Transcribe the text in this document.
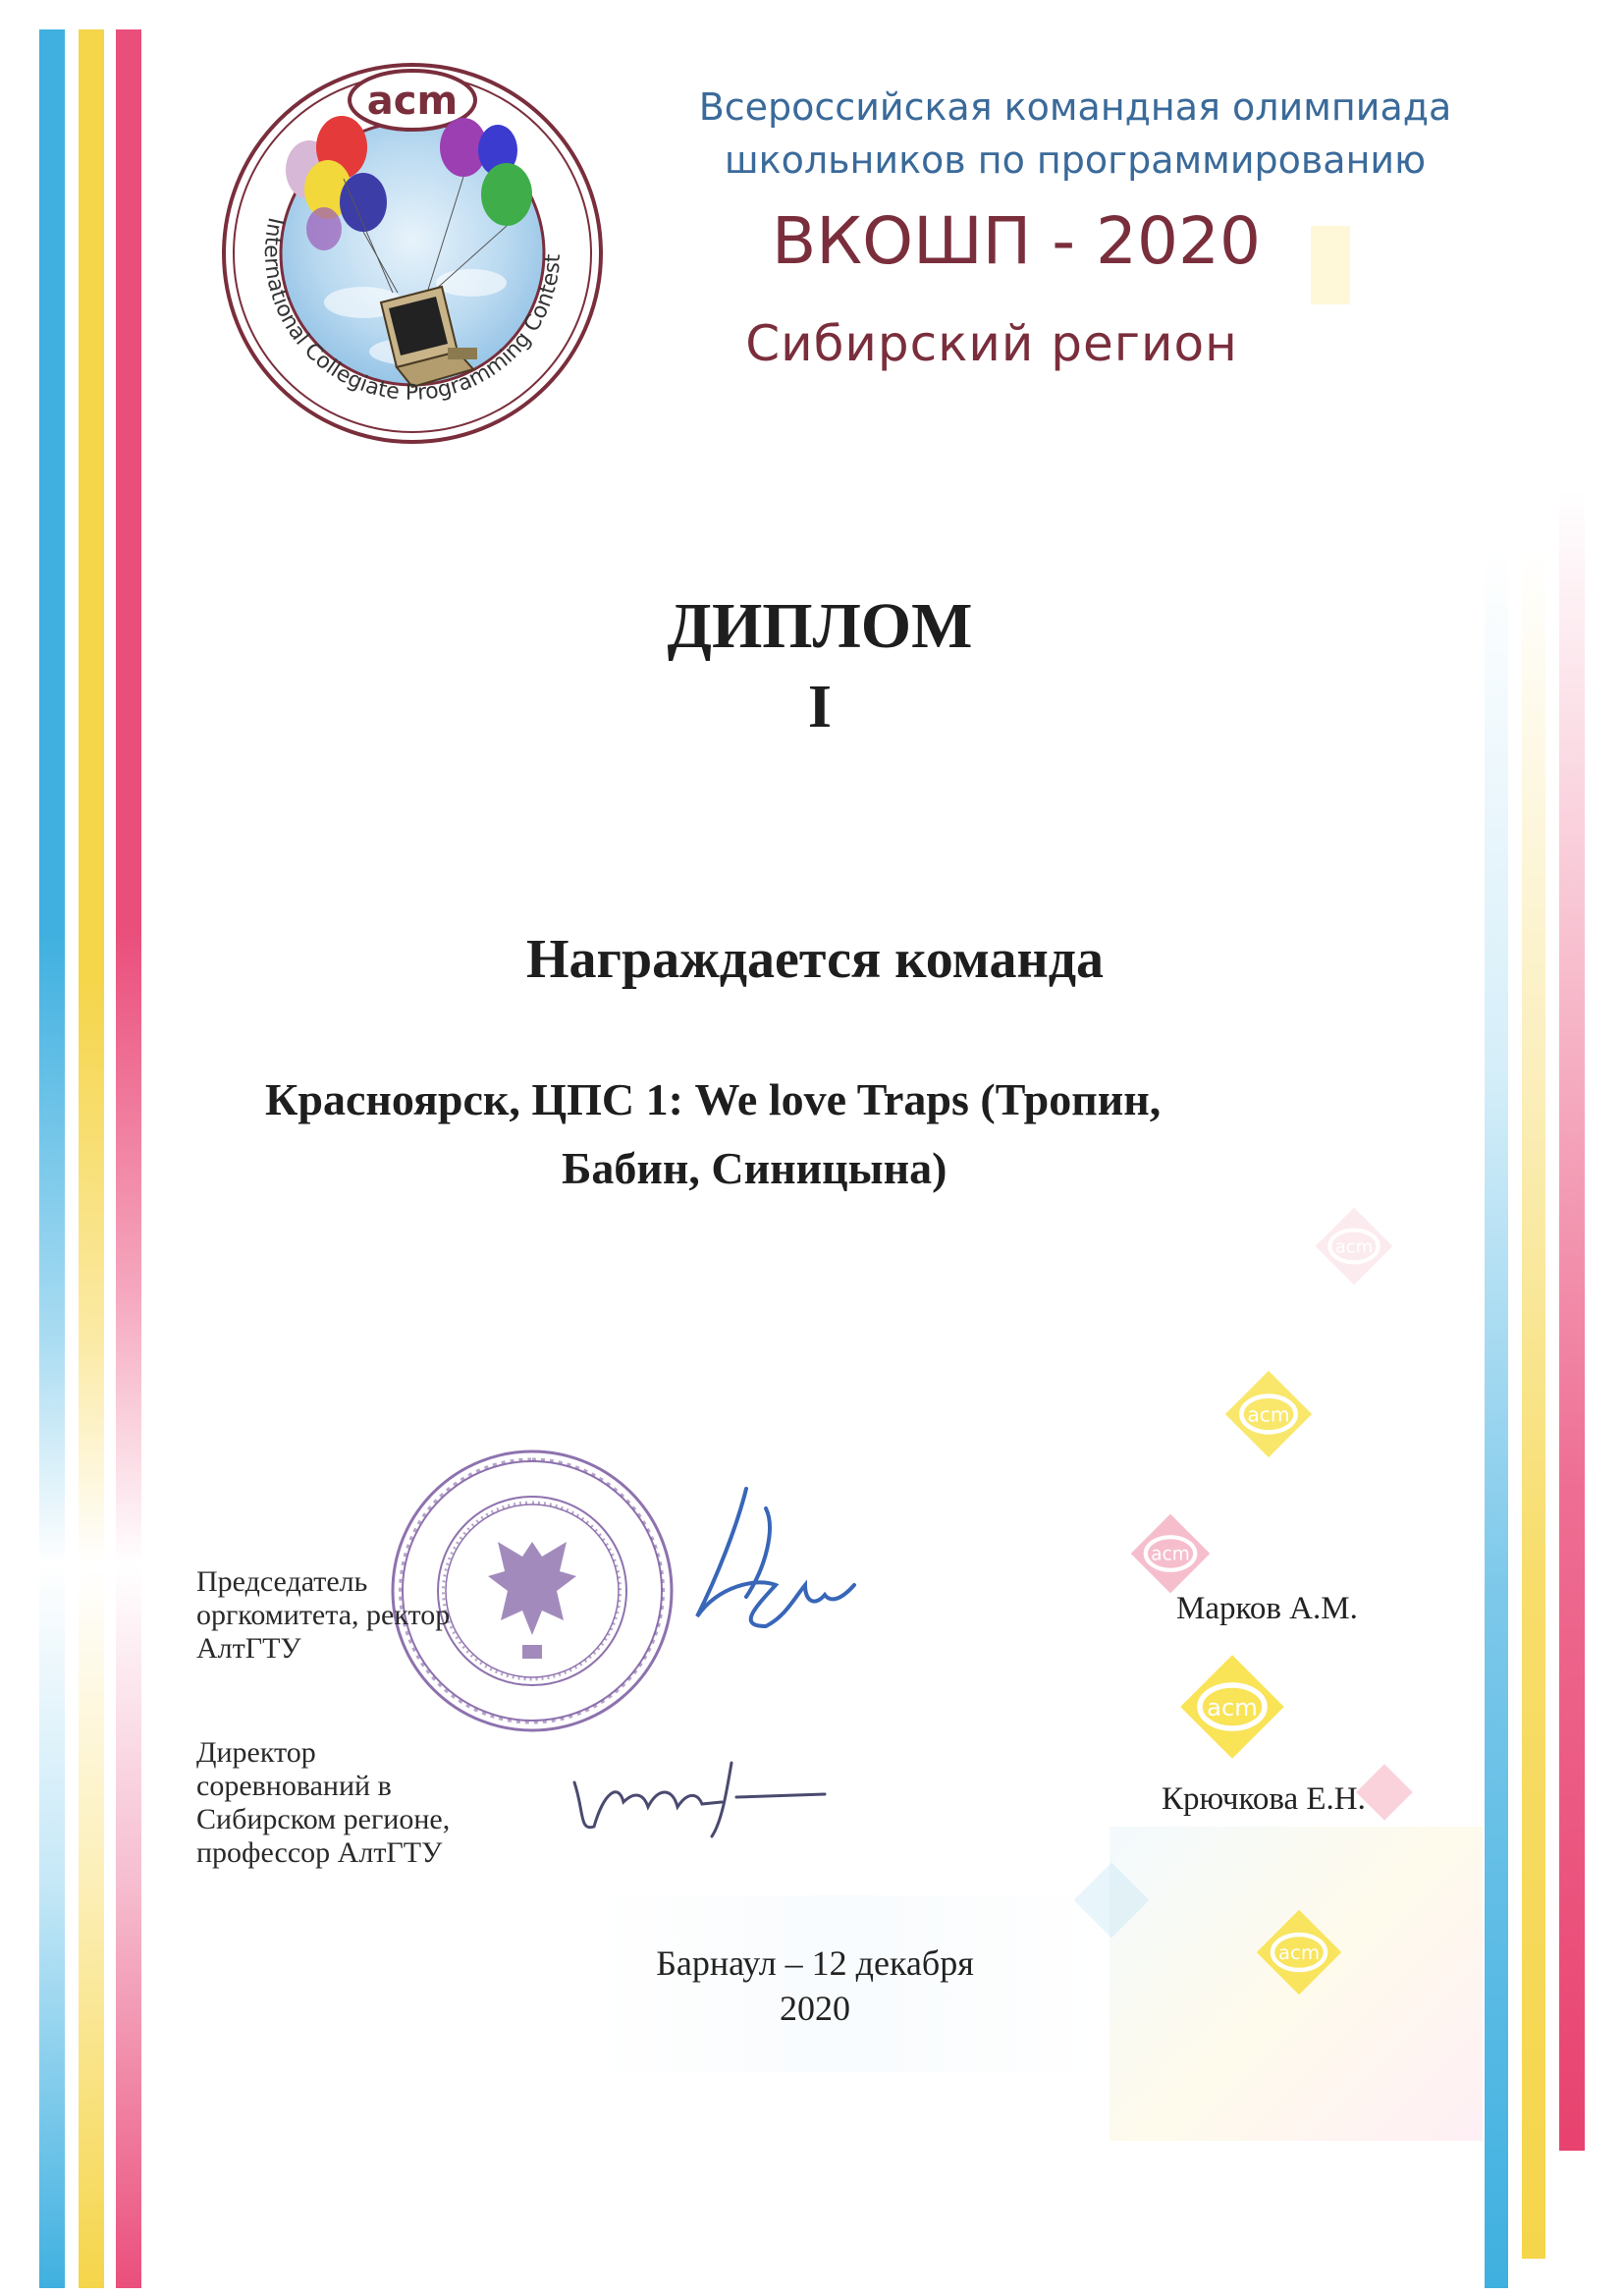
acm
International Collegiate Programming Contest
Всероссийская командная олимпиада
школьников по программированию
ВКОШП - 2020
Сибирский регион
ДИПЛОМ
I
Награждается команда
Красноярск, ЦПС 1: We love Traps (Тропин,
Бабин, Синицына)
acm
acm
acm
acm
acm
Председатель
оргкомитета, ректор
АлтГТУ
Марков А.М.
Директор
соревнований в
Сибирском регионе,
профессор АлтГТУ
Крючкова Е.Н.
Барнаул – 12 декабря
2020
